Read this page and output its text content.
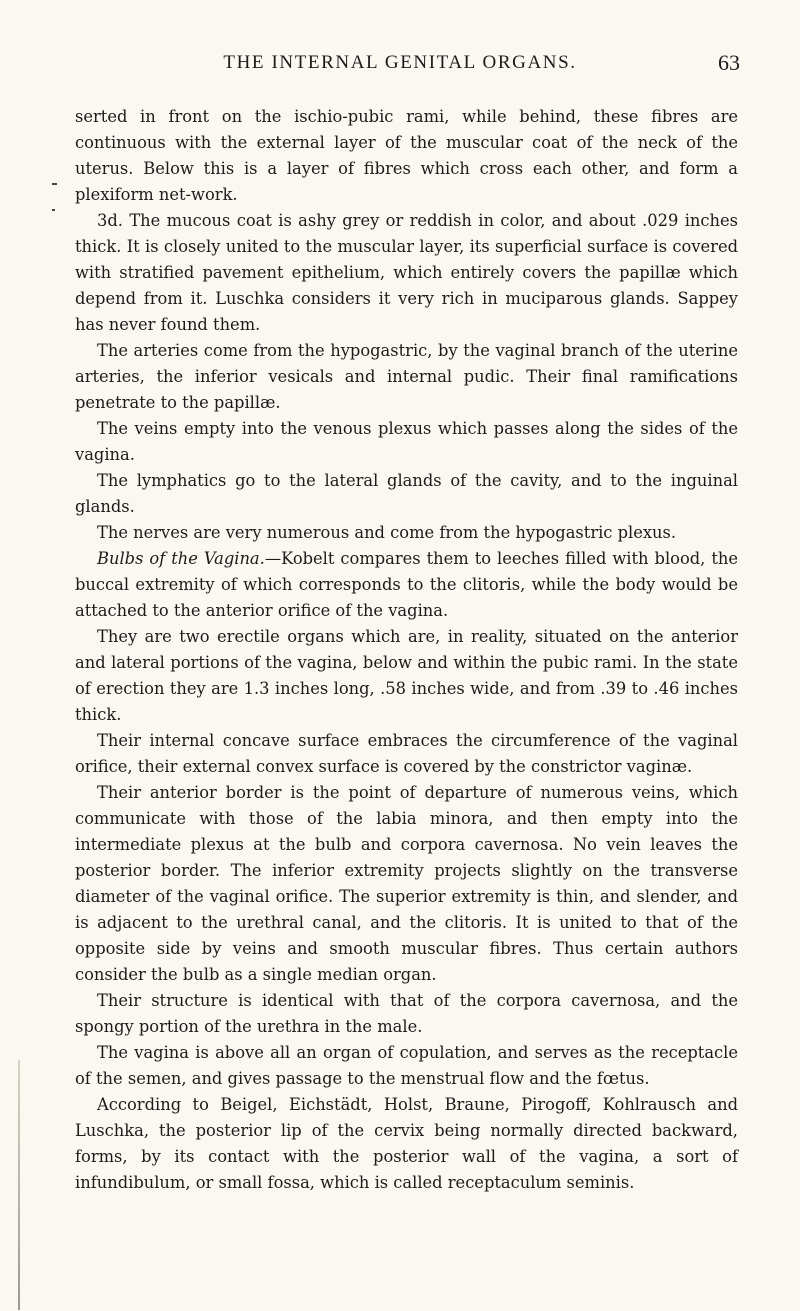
THE INTERNAL GENITAL ORGANS.	63

serted in front on the ischio-pubic rami, while behind, these fibres are continuous with the external layer of the muscular coat of the neck of the uterus. Below this is a layer of fibres which cross each other, and form a plexiform net-work.

3d. The mucous coat is ashy grey or reddish in color, and about .029 inches thick. It is closely united to the muscular layer, its superficial surface is covered with stratified pavement epithelium, which entirely covers the papillæ which depend from it. Luschka considers it very rich in muciparous glands. Sappey has never found them.

The arteries come from the hypogastric, by the vaginal branch of the uterine arteries, the inferior vesicals and internal pudic. Their final ramifications penetrate to the papillæ.

The veins empty into the venous plexus which passes along the sides of the vagina.

The lymphatics go to the lateral glands of the cavity, and to the inguinal glands.

The nerves are very numerous and come from the hypogastric plexus.

Bulbs of the Vagina.—Kobelt compares them to leeches filled with blood, the buccal extremity of which corresponds to the clitoris, while the body would be attached to the anterior orifice of the vagina.

They are two erectile organs which are, in reality, situated on the anterior and lateral portions of the vagina, below and within the pubic rami. In the state of erection they are 1.3 inches long, .58 inches wide, and from .39 to .46 inches thick.

Their internal concave surface embraces the circumference of the vaginal orifice, their external convex surface is covered by the constrictor vaginæ.

Their anterior border is the point of departure of numerous veins, which communicate with those of the labia minora, and then empty into the intermediate plexus at the bulb and corpora cavernosa. No vein leaves the posterior border. The inferior extremity projects slightly on the transverse diameter of the vaginal orifice. The superior extremity is thin, and slender, and is adjacent to the urethral canal, and the clitoris. It is united to that of the opposite side by veins and smooth muscular fibres. Thus certain authors consider the bulb as a single median organ.

Their structure is identical with that of the corpora cavernosa, and the spongy portion of the urethra in the male.

The vagina is above all an organ of copulation, and serves as the receptacle of the semen, and gives passage to the menstrual flow and the fœtus.

According to Beigel, Eichstädt, Holst, Braune, Pirogoff, Kohlrausch and Luschka, the posterior lip of the cervix being normally directed backward, forms, by its contact with the posterior wall of the vagina, a sort of infundibulum, or small fossa, which is called receptaculum seminis.
